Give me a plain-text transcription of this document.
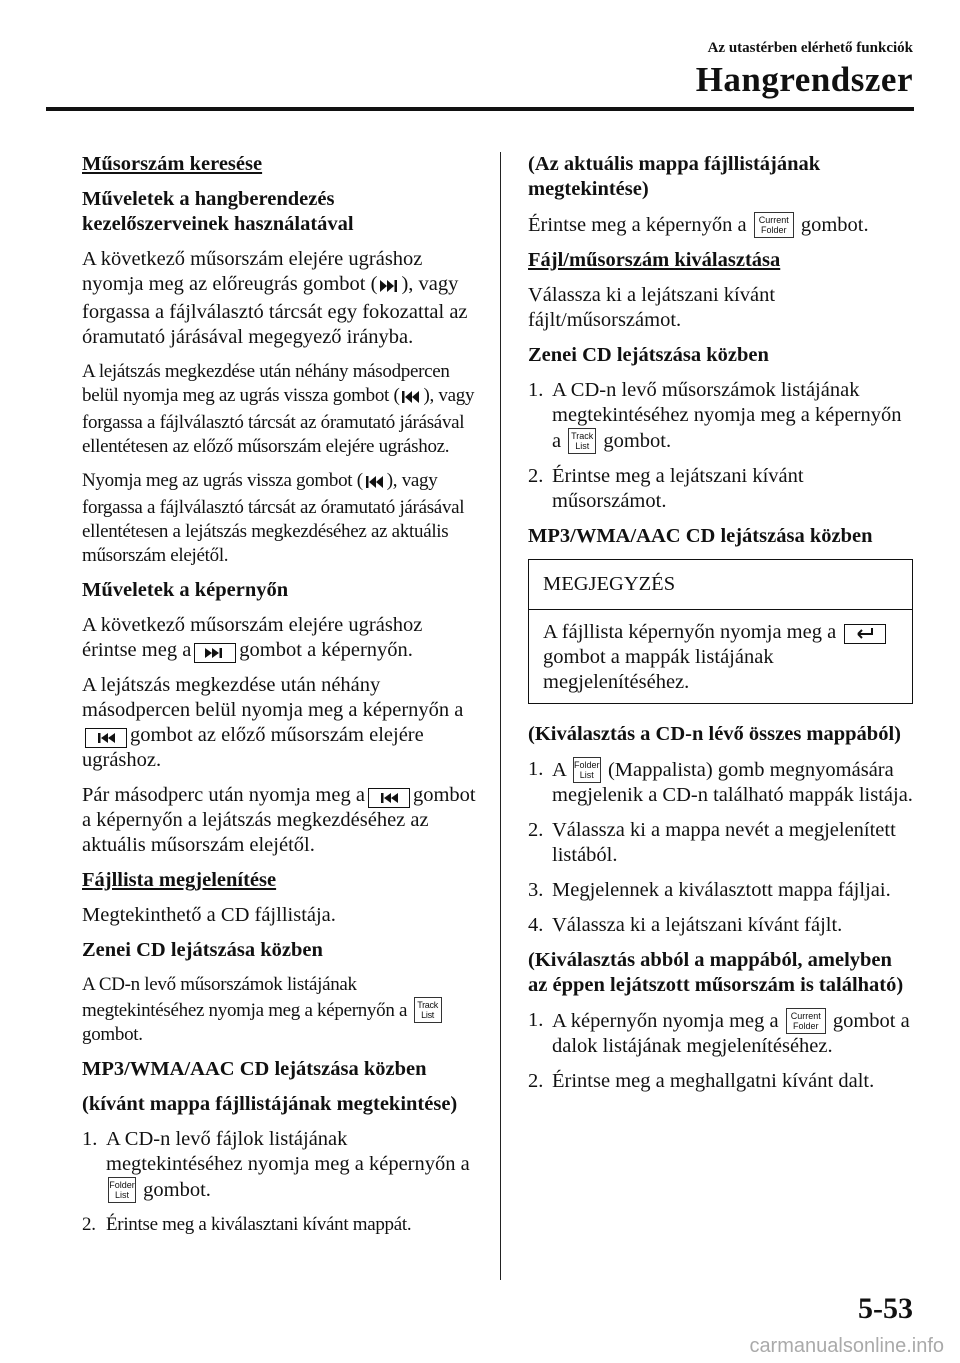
Az utastérben elérhető funkciók
Hangrendszer
Műsorszám keresése
Műveletek a hangberendezés kezelőszerveinek használatával

A következő műsorszám elejére ugráshoz nyomja meg az előreugrás gombot ( ), vagy forgassa a fájlválasztó tárcsát egy fokozattal az óramutató járásával megegyező irányba.

A lejátszás megkezdése után néhány másodpercen belül nyomja meg az ugrás vissza gombot ( ), vagy forgassa a fájlválasztó tárcsát az óramutató járásával ellentétesen az előző műsorszám elejére ugráshoz.

Nyomja meg az ugrás vissza gombot ( ), vagy forgassa a fájlválasztó tárcsát az óramutató járásával ellentétesen a lejátszás megkezdéséhez az aktuális műsorszám elejétől.

Műveletek a képernyőn

A következő műsorszám elejére ugráshoz érintse meg a gombot a képernyőn.

A lejátszás megkezdése után néhány másodpercen belül nyomja meg a képernyőn a
gombot az előző műsorszám elejére ugráshoz.

Pár másodperc után nyomja meg a gombot a képernyőn a lejátszás megkezdéséhez az aktuális műsorszám elejétől.

Fájllista megjelenítése

Megtekinthető a CD fájllistája.

Zenei CD lejátszása közben

A CD-n levő műsorszámok listájának megtekintéséhez nyomja meg a képernyőn a Track
List gombot.

MP3/WMA/AAC CD lejátszása közben
(kívánt mappa fájllistájának megtekintése)
1. A CD-n levő fájlok listájának megtekintéséhez nyomja meg a képernyőn a Folder
List gombot.
2. Érintse meg a kiválasztani kívánt mappát.
(Az aktuális mappa fájllistájának megtekintése)

Érintse meg a képernyőn a Current
Folder gombot.

Fájl/műsorszám kiválasztása

Válassza ki a lejátszani kívánt fájlt/műsorszámot.

Zenei CD lejátszása közben
1. A CD-n levő műsorszámok listájának megtekintéséhez nyomja meg a képernyőn a Track
List gombot.
2. Érintse meg a lejátszani kívánt műsorszámot.
MP3/WMA/AAC CD lejátszása közben
MEGJEGYZÉS
A fájllista képernyőn nyomja meg a
gombot a mappák listájának megjelenítéséhez.
(Kiválasztás a CD-n lévő összes mappából)
1. A Folder
List (Mappalista) gomb megnyomására megjelenik a CD-n található mappák listája.
2. Válassza ki a mappa nevét a megjelenített listából.
3. Megjelennek a kiválasztott mappa fájljai.
4. Válassza ki a lejátszani kívánt fájlt.
(Kiválasztás abból a mappából, amelyben az éppen lejátszott műsorszám is található)
1. A képernyőn nyomja meg a Current
Folder gombot a dalok listájának megjelenítéséhez.
2. Érintse meg a meghallgatni kívánt dalt.
5-53
carmanualsonline.info
